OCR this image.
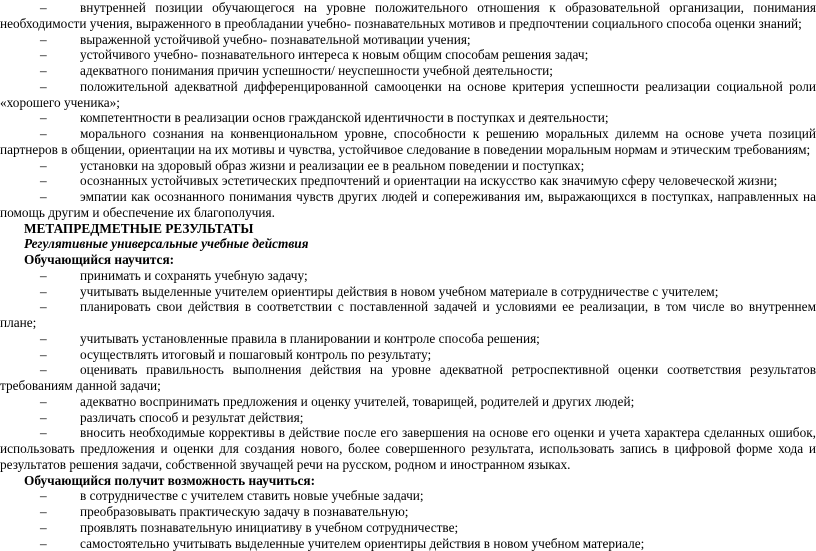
–	внутренней позиции обучающегося на уровне положительного отношения к образовательной организации, понимания необходимости учения, выраженного в преобладании учебно- познавательных мотивов и предпочтении социального способа оценки знаний;
–	выраженной устойчивой учебно- познавательной мотивации учения;
–	устойчивого учебно- познавательного интереса к новым общим способам решения задач;
–	адекватного понимания причин успешности/ неуспешности учебной деятельности;
–	положительной адекватной дифференцированной самооценки на основе критерия успешности реализации социальной роли «хорошего ученика»;
–	компетентности в реализации основ гражданской идентичности в поступках и деятельности;
–	морального сознания на конвенциональном уровне, способности к решению моральных дилемм на основе учета позиций партнеров в общении, ориентации на их мотивы и чувства, устойчивое следование в поведении моральным нормам и этическим требованиям;
–	установки на здоровый образ жизни и реализации ее в реальном поведении и поступках;
–	осознанных устойчивых эстетических предпочтений и ориентации на искусство как значимую сферу человеческой жизни;
–	эмпатии как осознанного понимания чувств других людей и сопереживания им, выражающихся в поступках, направленных на помощь другим и обеспечение их благополучия.

МЕТАПРЕДМЕТНЫЕ РЕЗУЛЬТАТЫ

Регулятивные универсальные учебные действия

Обучающийся научится:

–	принимать и сохранять учебную задачу;
–	учитывать выделенные учителем ориентиры действия в новом учебном материале в сотрудничестве с учителем;
–	планировать свои действия в соответствии с поставленной задачей и условиями ее реализации, в том числе во внутреннем плане;
–	учитывать установленные правила в планировании и контроле способа решения;
–	осуществлять итоговый и пошаговый контроль по результату;
–	оценивать правильность выполнения действия на уровне адекватной ретроспективной оценки соответствия результатов требованиям данной задачи;
–	адекватно воспринимать предложения и оценку учителей, товарищей, родителей и других людей;
–	различать способ и результат действия;
–	вносить необходимые коррективы в действие после его завершения на основе его оценки и учета характера сделанных ошибок, использовать предложения и оценки для создания нового, более совершенного результата, использовать запись в цифровой форме хода и результатов решения задачи, собственной звучащей речи на русском, родном и иностранном языках.

Обучающийся получит возможность научиться:

–	в сотрудничестве с учителем ставить новые учебные задачи;
–	преобразовывать практическую задачу в познавательную;
–	проявлять познавательную инициативу в учебном сотрудничестве;
–	самостоятельно учитывать выделенные учителем ориентиры действия в новом учебном материале;
